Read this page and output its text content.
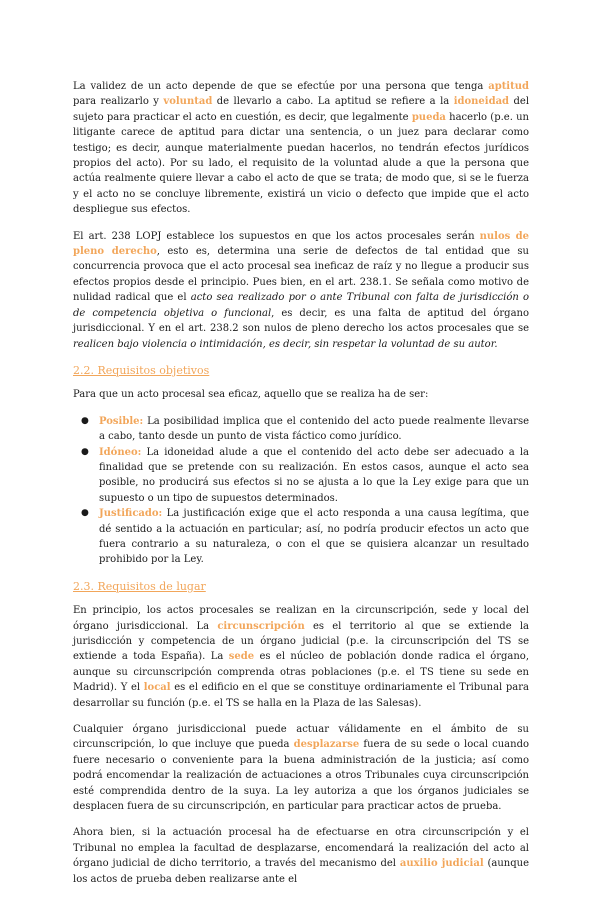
La validez de un acto depende de que se efectúe por una persona que tenga aptitud para realizarlo y voluntad de llevarlo a cabo. La aptitud se refiere a la idoneidad del sujeto para practicar el acto en cuestión, es decir, que legalmente pueda hacerlo (p.e. un litigante carece de aptitud para dictar una sentencia, o un juez para declarar como testigo; es decir, aunque materialmente puedan hacerlos, no tendrán efectos jurídicos propios del acto). Por su lado, el requisito de la voluntad alude a que la persona que actúa realmente quiere llevar a cabo el acto de que se trata; de modo que, si se le fuerza y el acto no se concluye libremente, existirá un vicio o defecto que impide que el acto despliegue sus efectos.

El art. 238 LOPJ establece los supuestos en que los actos procesales serán nulos de pleno derecho, esto es, determina una serie de defectos de tal entidad que su concurrencia provoca que el acto procesal sea ineficaz de raíz y no llegue a producir sus efectos propios desde el principio. Pues bien, en el art. 238.1. Se señala como motivo de nulidad radical que el acto sea realizado por o ante Tribunal con falta de jurisdicción o de competencia objetiva o funcional, es decir, es una falta de aptitud del órgano jurisdiccional. Y en el art. 238.2 son nulos de pleno derecho los actos procesales que se realicen bajo violencia o intimidación, es decir, sin respetar la voluntad de su autor.

2.2. Requisitos objetivos

Para que un acto procesal sea eficaz, aquello que se realiza ha de ser:

● Posible: La posibilidad implica que el contenido del acto puede realmente llevarse a cabo, tanto desde un punto de vista fáctico como jurídico.
● Idóneo: La idoneidad alude a que el contenido del acto debe ser adecuado a la finalidad que se pretende con su realización. En estos casos, aunque el acto sea posible, no producirá sus efectos si no se ajusta a lo que la Ley exige para que un supuesto o un tipo de supuestos determinados.
● Justificado: La justificación exige que el acto responda a una causa legítima, que dé sentido a la actuación en particular; así, no podría producir efectos un acto que fuera contrario a su naturaleza, o con el que se quisiera alcanzar un resultado prohibido por la Ley.
2.3. Requisitos de lugar

En principio, los actos procesales se realizan en la circunscripción, sede y local del órgano jurisdiccional. La circunscripción es el territorio al que se extiende la jurisdicción y competencia de un órgano judicial (p.e. la circunscripción del TS se extiende a toda España). La sede es el núcleo de población donde radica el órgano, aunque su circunscripción comprenda otras poblaciones (p.e. el TS tiene su sede en Madrid). Y el local es el edificio en el que se constituye ordinariamente el Tribunal para desarrollar su función (p.e. el TS se halla en la Plaza de las Salesas).

Cualquier órgano jurisdiccional puede actuar válidamente en el ámbito de su circunscripción, lo que incluye que pueda desplazarse fuera de su sede o local cuando fuere necesario o conveniente para la buena administración de la justicia; así como podrá encomendar la realización de actuaciones a otros Tribunales cuya circunscripción esté comprendida dentro de la suya. La ley autoriza a que los órganos judiciales se desplacen fuera de su circunscripción, en particular para practicar actos de prueba.

Ahora bien, si la actuación procesal ha de efectuarse en otra circunscripción y el Tribunal no emplea la facultad de desplazarse, encomendará la realización del acto al órgano judicial de dicho territorio, a través del mecanismo del auxilio judicial (aunque los actos de prueba deben realizarse ante el
